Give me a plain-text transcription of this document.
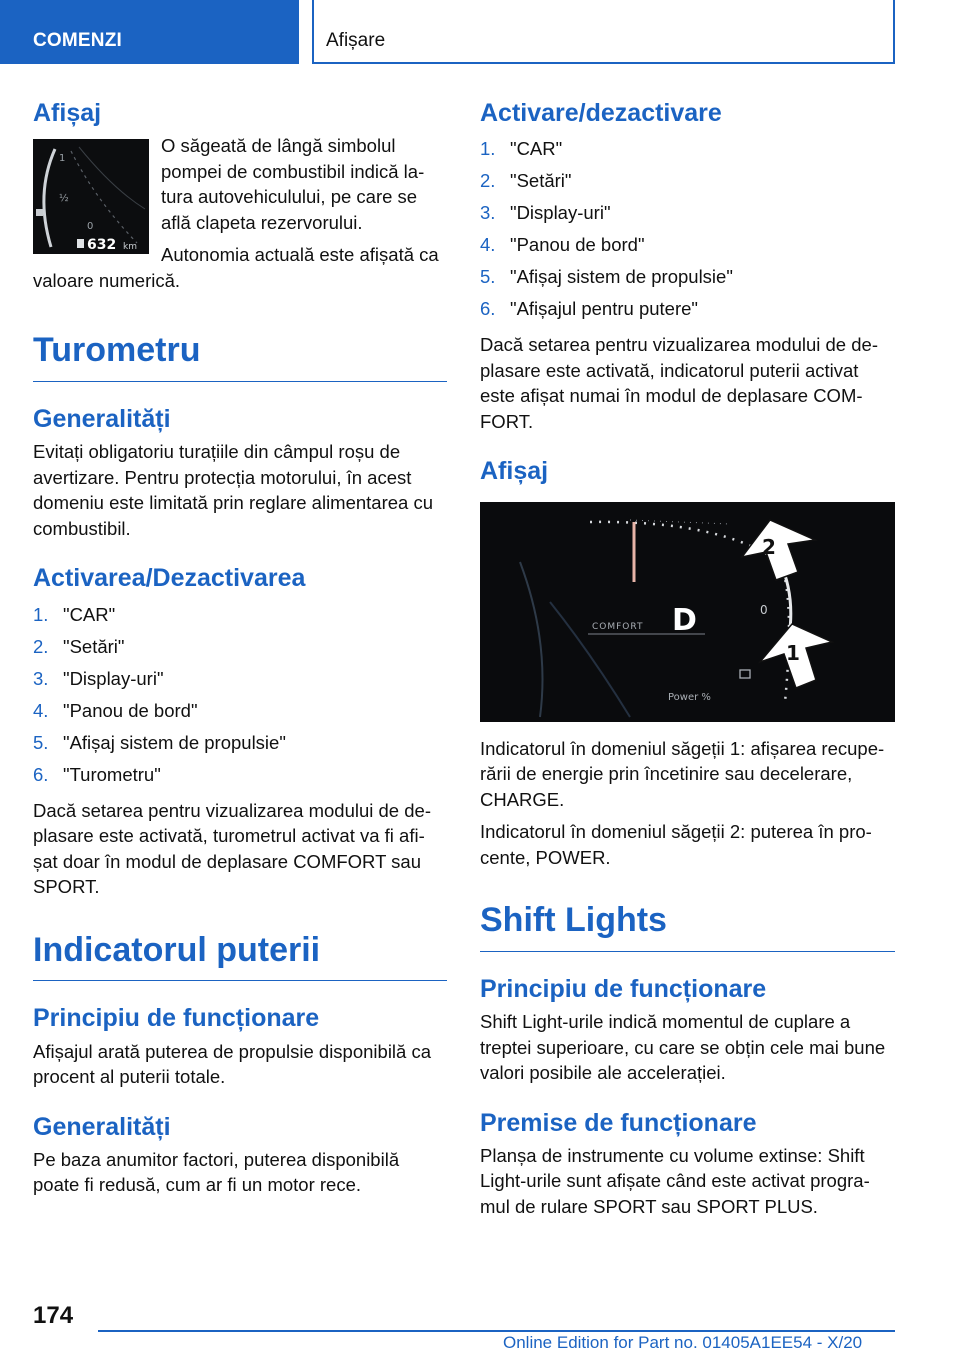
COMENZI	Afișare
Afișaj
1
½
0
632 km

O săgeată de lângă simbolul pompei de combustibil indică la-tura autovehiculului, pe care se află clapeta rezervorului.

Autonomia actuală este afișată ca valoare numerică.

Turometru
Generalități

Evitați obligatoriu turațiile din câmpul roșu de avertizare. Pentru protecția motorului, în acest domeniu este limitată prin reglare alimentarea cu combustibil.

Activarea/Dezactivarea
1. "CAR"
2. "Setări"
3. "Display-uri"
4. "Panou de bord"
5. "Afișaj sistem de propulsie"
6. "Turometru"

Dacă setarea pentru vizualizarea modului de de-plasare este activată, turometrul activat va fi afi-șat doar în modul de deplasare COMFORT sau SPORT.

Indicatorul puterii
Principiu de funcționare

Afișajul arată puterea de propulsie disponibilă ca procent al puterii totale.

Generalități

Pe baza anumitor factori, puterea disponibilă poate fi redusă, cum ar fi un motor rece.

Activare/dezactivare
1. "CAR"
2. "Setări"
3. "Display-uri"
4. "Panou de bord"
5. "Afișaj sistem de propulsie"
6. "Afișajul pentru putere"

Dacă setarea pentru vizualizarea modului de de-plasare este activată, indicatorul puterii activat este afișat numai în modul de deplasare COM-FORT.

Afișaj
COMFORT D	0
Power %
2
1

Indicatorul în domeniul săgeții 1: afișarea recupe-rării de energie prin încetinire sau decelerare, CHARGE.

Indicatorul în domeniul săgeții 2: puterea în pro-cente, POWER.

Shift Lights
Principiu de funcționare

Shift Light-urile indică momentul de cuplare a treptei superioare, cu care se obțin cele mai bune valori posibile ale accelerației.

Premise de funcționare

Planșa de instrumente cu volume extinse: Shift Light-urile sunt afișate când este activat progra-mul de rulare SPORT sau SPORT PLUS.

174
Online Edition for Part no. 01405A1EE54 - X/20
